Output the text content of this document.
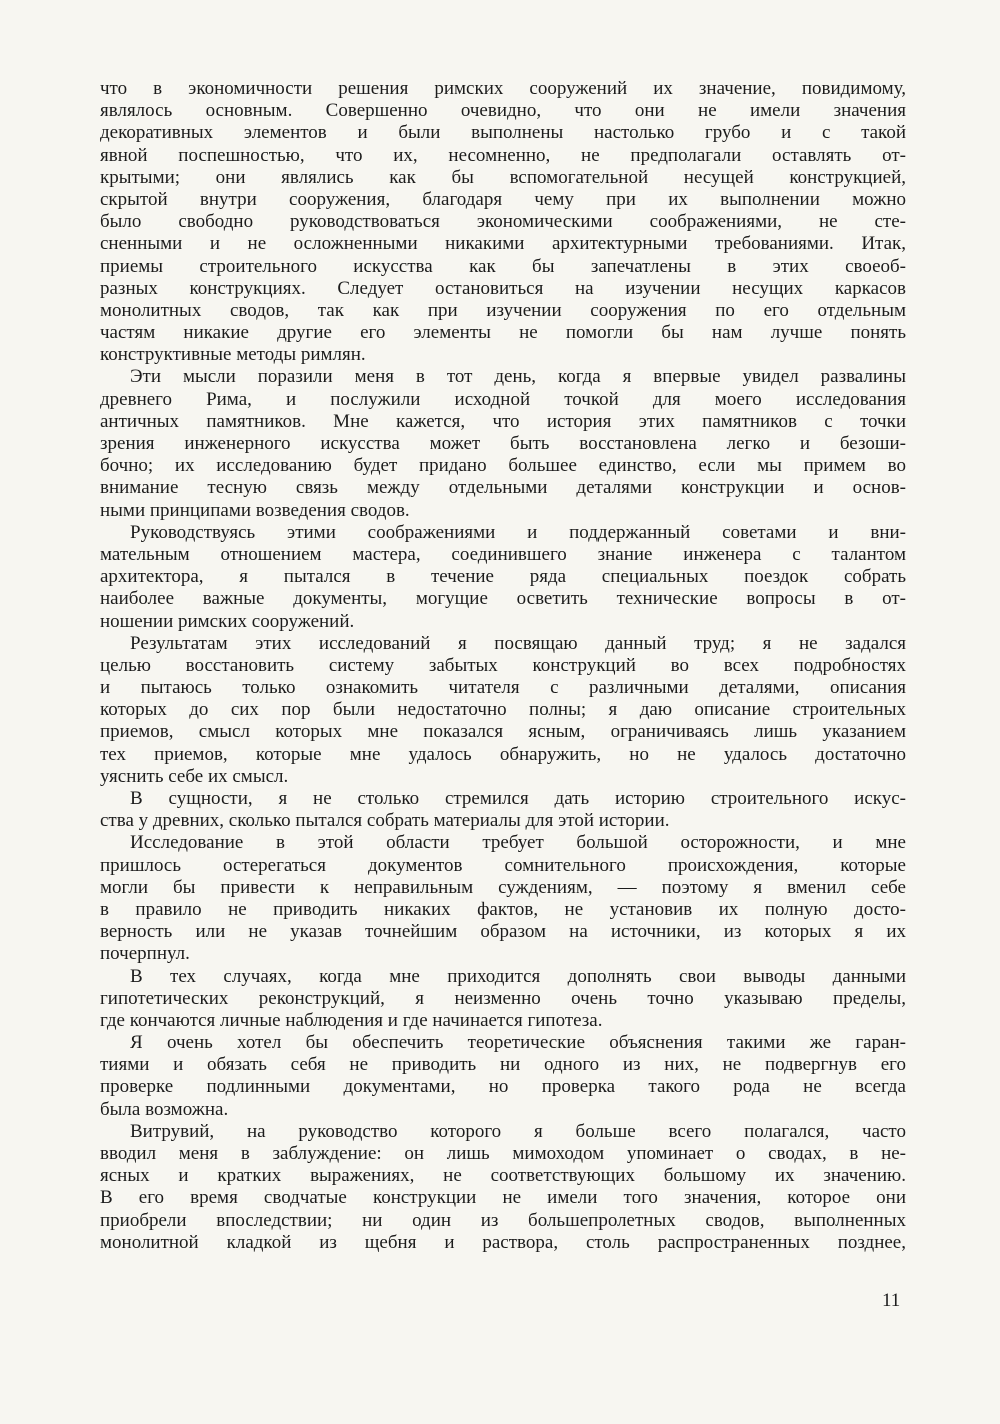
что в экономичности решения римских сооружений их значение, повидимому,
являлось основным. Совершенно очевидно, что они не имели значения
декоративных элементов и были выполнены настолько грубо и с такой
явной поспешностью, что их, несомненно, не предполагали оставлять от-
крытыми; они являлись как бы вспомогательной несущей конструкцией,
скрытой внутри сооружения, благодаря чему при их выполнении можно
было свободно руководствоваться экономическими соображениями, не сте-
сненными и не осложненными никакими архитектурными требованиями. Итак,
приемы строительного искусства как бы запечатлены в этих своеоб-
разных конструкциях. Следует остановиться на изучении несущих каркасов
монолитных сводов, так как при изучении сооружения по его отдельным
частям никакие другие его элементы не помогли бы нам лучше понять
конструктивные методы римлян.
Эти мысли поразили меня в тот день, когда я впервые увидел развалины
древнего Рима, и послужили исходной точкой для моего исследования
античных памятников. Мне кажется, что история этих памятников с точки
зрения инженерного искусства может быть восстановлена легко и безоши-
бочно; их исследованию будет придано большее единство, если мы примем во
внимание тесную связь между отдельными деталями конструкции и основ-
ными принципами возведения сводов.
Руководствуясь этими соображениями и поддержанный советами и вни-
мательным отношением мастера, соединившего знание инженера с талантом
архитектора, я пытался в течение ряда специальных поездок собрать
наиболее важные документы, могущие осветить технические вопросы в от-
ношении римских сооружений.
Результатам этих исследований я посвящаю данный труд; я не задался
целью восстановить систему забытых конструкций во всех подробностях
и пытаюсь только ознакомить читателя с различными деталями, описания
которых до сих пор были недостаточно полны; я даю описание строительных
приемов, смысл которых мне показался ясным, ограничиваясь лишь указанием
тех приемов, которые мне удалось обнаружить, но не удалось достаточно
уяснить себе их смысл.
В сущности, я не столько стремился дать историю строительного искус-
ства у древних, сколько пытался собрать материалы для этой истории.
Исследование в этой области требует большой осторожности, и мне
пришлось остерегаться документов сомнительного происхождения, которые
могли бы привести к неправильным суждениям, — поэтому я вменил себе
в правило не приводить никаких фактов, не установив их полную досто-
верность или не указав точнейшим образом на источники, из которых я их
почерпнул.
В тех случаях, когда мне приходится дополнять свои выводы данными
гипотетических реконструкций, я неизменно очень точно указываю пределы,
где кончаются личные наблюдения и где начинается гипотеза.
Я очень хотел бы обеспечить теоретические объяснения такими же гаран-
тиями и обязать себя не приводить ни одного из них, не подвергнув его
проверке подлинными документами, но проверка такого рода не всегда
была возможна.
Витрувий, на руководство которого я больше всего полагался, часто
вводил меня в заблуждение: он лишь мимоходом упоминает о сводах, в не-
ясных и кратких выражениях, не соответствующих большому их значению.
В его время сводчатые конструкции не имели того значения, которое они
приобрели впоследствии; ни один из большепролетных сводов, выполненных
монолитной кладкой из щебня и раствора, столь распространенных позднее,
11
